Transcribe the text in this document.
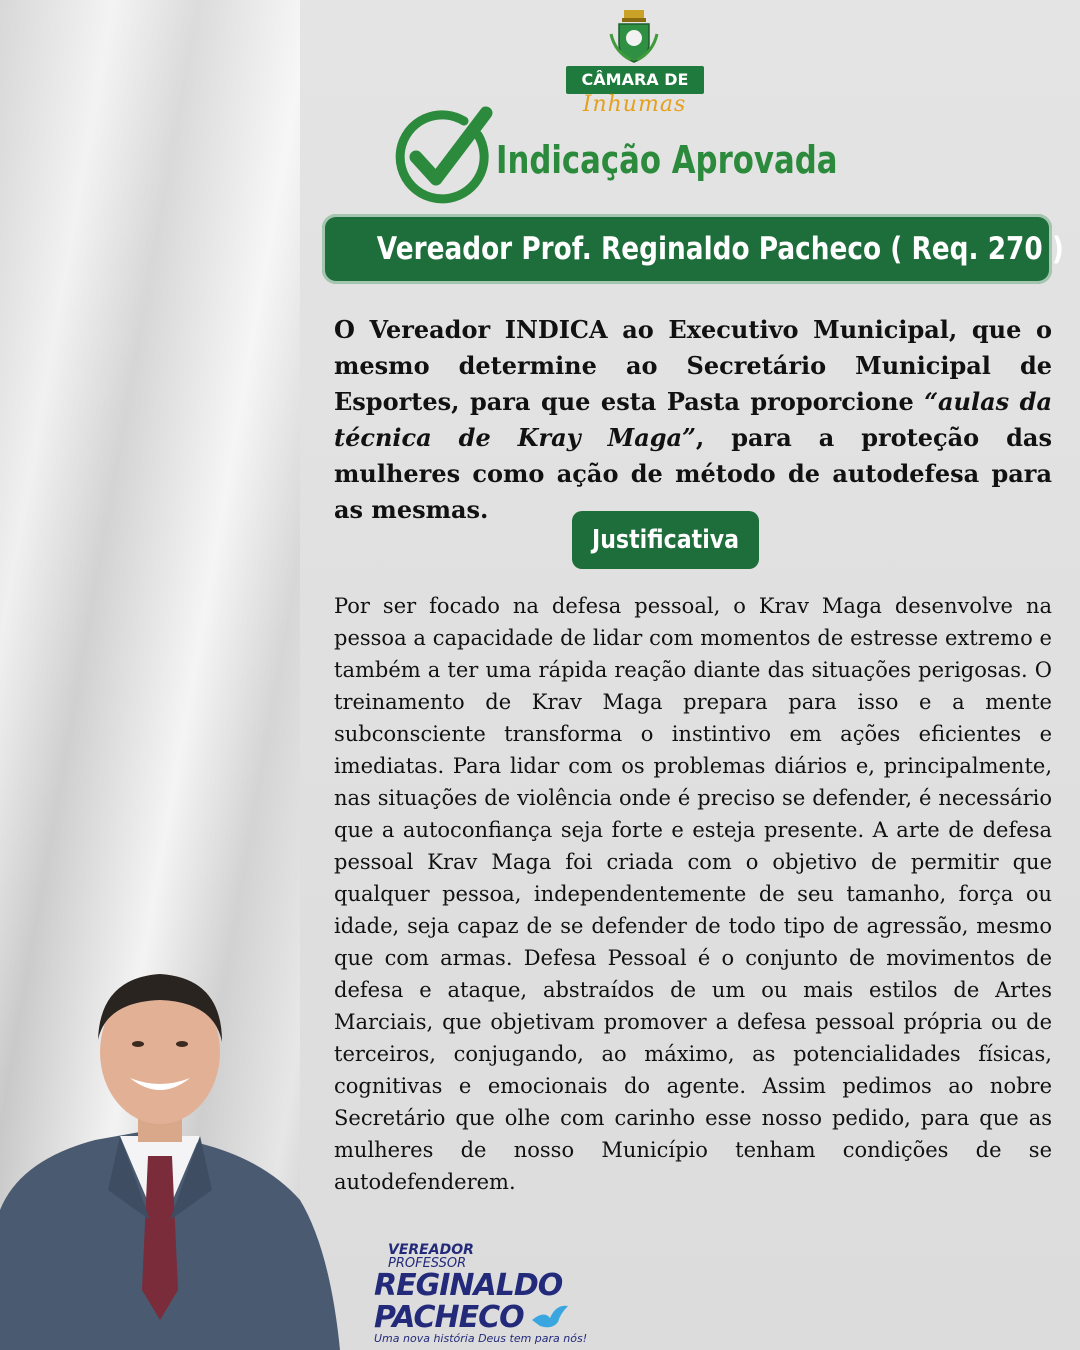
CÂMARA DE
Inhumas
Indicação Aprovada
Vereador Prof. Reginaldo Pacheco ( Req. 270 )

O Vereador INDICA ao Executivo Municipal, que o mesmo determine ao Secretário Municipal de Esportes, para que esta Pasta proporcione “aulas da técnica de Kray Maga”, para a proteção das mulheres como ação de método de autodefesa para as mesmas.

Justificativa

Por ser focado na defesa pessoal, o Krav Maga desenvolve na pessoa a capacidade de lidar com momentos de estresse extremo e também a ter uma rápida reação diante das situações perigosas. O treinamento de Krav Maga prepara para isso e a mente subconsciente transforma o instintivo em ações eficientes e imediatas. Para lidar com os problemas diários e, principalmente, nas situações de violência onde é preciso se defender, é necessário que a autoconfiança seja forte e esteja presente. A arte de defesa pessoal Krav Maga foi criada com o objetivo de permitir que qualquer pessoa, independentemente de seu tamanho, força ou idade, seja capaz de se defender de todo tipo de agressão, mesmo que com armas. Defesa Pessoal é o conjunto de movimentos de defesa e ataque, abstraídos de um ou mais estilos de Artes Marciais, que objetivam promover a defesa pessoal própria ou de terceiros, conjugando, ao máximo, as potencialidades físicas, cognitivas e emocionais do agente. Assim pedimos ao nobre Secretário que olhe com carinho esse nosso pedido, para que as mulheres de nosso Município tenham condições de se autodefenderem.

VEREADOR
PROFESSOR
REGINALDO
PACHECO
Uma nova história Deus tem para nós!
